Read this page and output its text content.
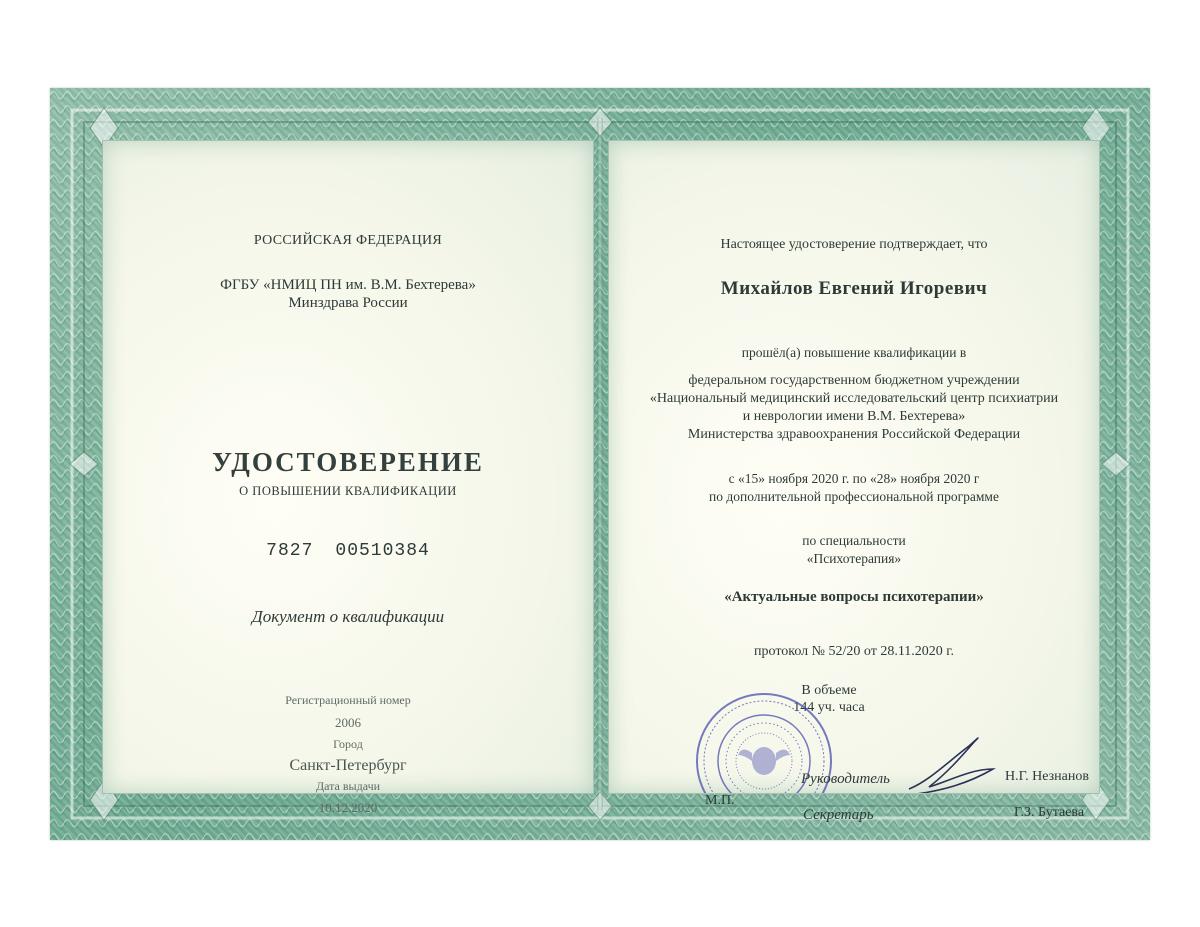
РОССИЙСКАЯ ФЕДЕРАЦИЯ
ФГБУ «НМИЦ ПН им. В.М. Бехтерева»
Минздрава России
УДОСТОВЕРЕНИЕ
О ПОВЫШЕНИИ КВАЛИФИКАЦИИ
7827 00510384
Документ о квалификации
Регистрационный номер
2006
Город
Санкт-Петербург
Дата выдачи
10.12.2020
Настоящее удостоверение подтверждает, что
Михайлов Евгений Игоревич
прошёл(а) повышение квалификации в
федеральном государственном бюджетном учреждении
«Национальный медицинский исследовательский центр психиатрии
и неврологии имени В.М. Бехтерева»
Министерства здравоохранения Российской Федерации
с «15» ноября 2020 г. по «28» ноября 2020 г
по дополнительной профессиональной программе
по специальности
«Психотерапия»
«Актуальные вопросы психотерапии»
протокол № 52/20 от 28.11.2020 г.
В объеме
144 уч. часа
М.П.
Руководитель	Н.Г. Незнанов
Секретарь	Г.З. Бутаева
